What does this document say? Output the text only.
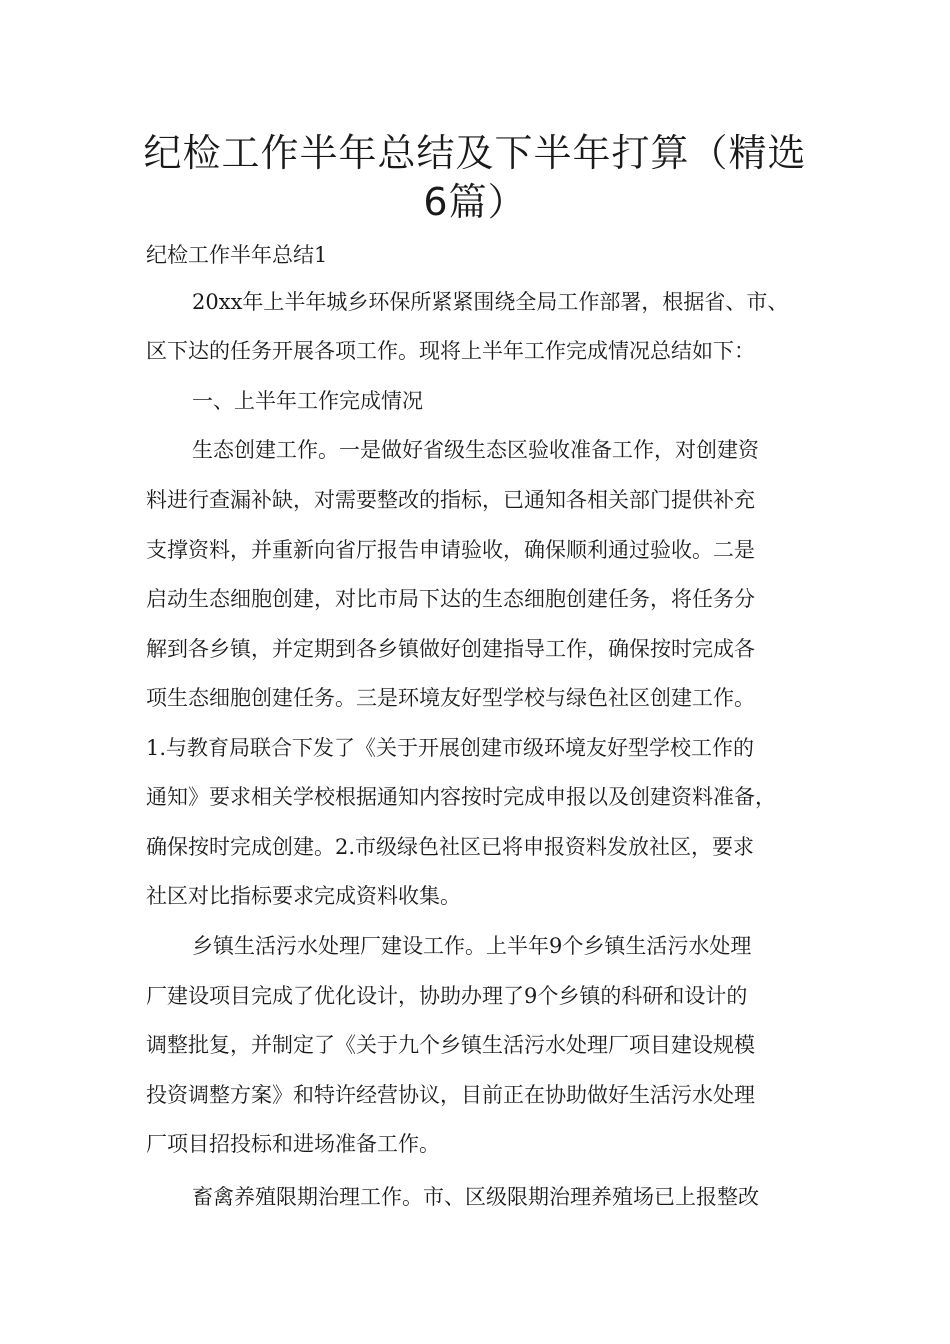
纪检工作半年总结及下半年打算（精选
6篇）
纪检工作半年总结1
20xx年上半年城乡环保所紧紧围绕全局工作部署，根据省、市、
区下达的任务开展各项工作。现将上半年工作完成情况总结如下：
一、上半年工作完成情况
生态创建工作。一是做好省级生态区验收准备工作，对创建资
料进行查漏补缺，对需要整改的指标，已通知各相关部门提供补充
支撑资料，并重新向省厅报告申请验收，确保顺利通过验收。二是
启动生态细胞创建，对比市局下达的生态细胞创建任务，将任务分
解到各乡镇，并定期到各乡镇做好创建指导工作，确保按时完成各
项生态细胞创建任务。三是环境友好型学校与绿色社区创建工作。
1.与教育局联合下发了《关于开展创建市级环境友好型学校工作的
通知》要求相关学校根据通知内容按时完成申报以及创建资料准备，
确保按时完成创建。2.市级绿色社区已将申报资料发放社区，要求
社区对比指标要求完成资料收集。
乡镇生活污水处理厂建设工作。上半年9个乡镇生活污水处理
厂建设项目完成了优化设计，协助办理了9个乡镇的科研和设计的
调整批复，并制定了《关于九个乡镇生活污水处理厂项目建设规模
投资调整方案》和特许经营协议，目前正在协助做好生活污水处理
厂项目招投标和进场准备工作。
畜禽养殖限期治理工作。市、区级限期治理养殖场已上报整改
